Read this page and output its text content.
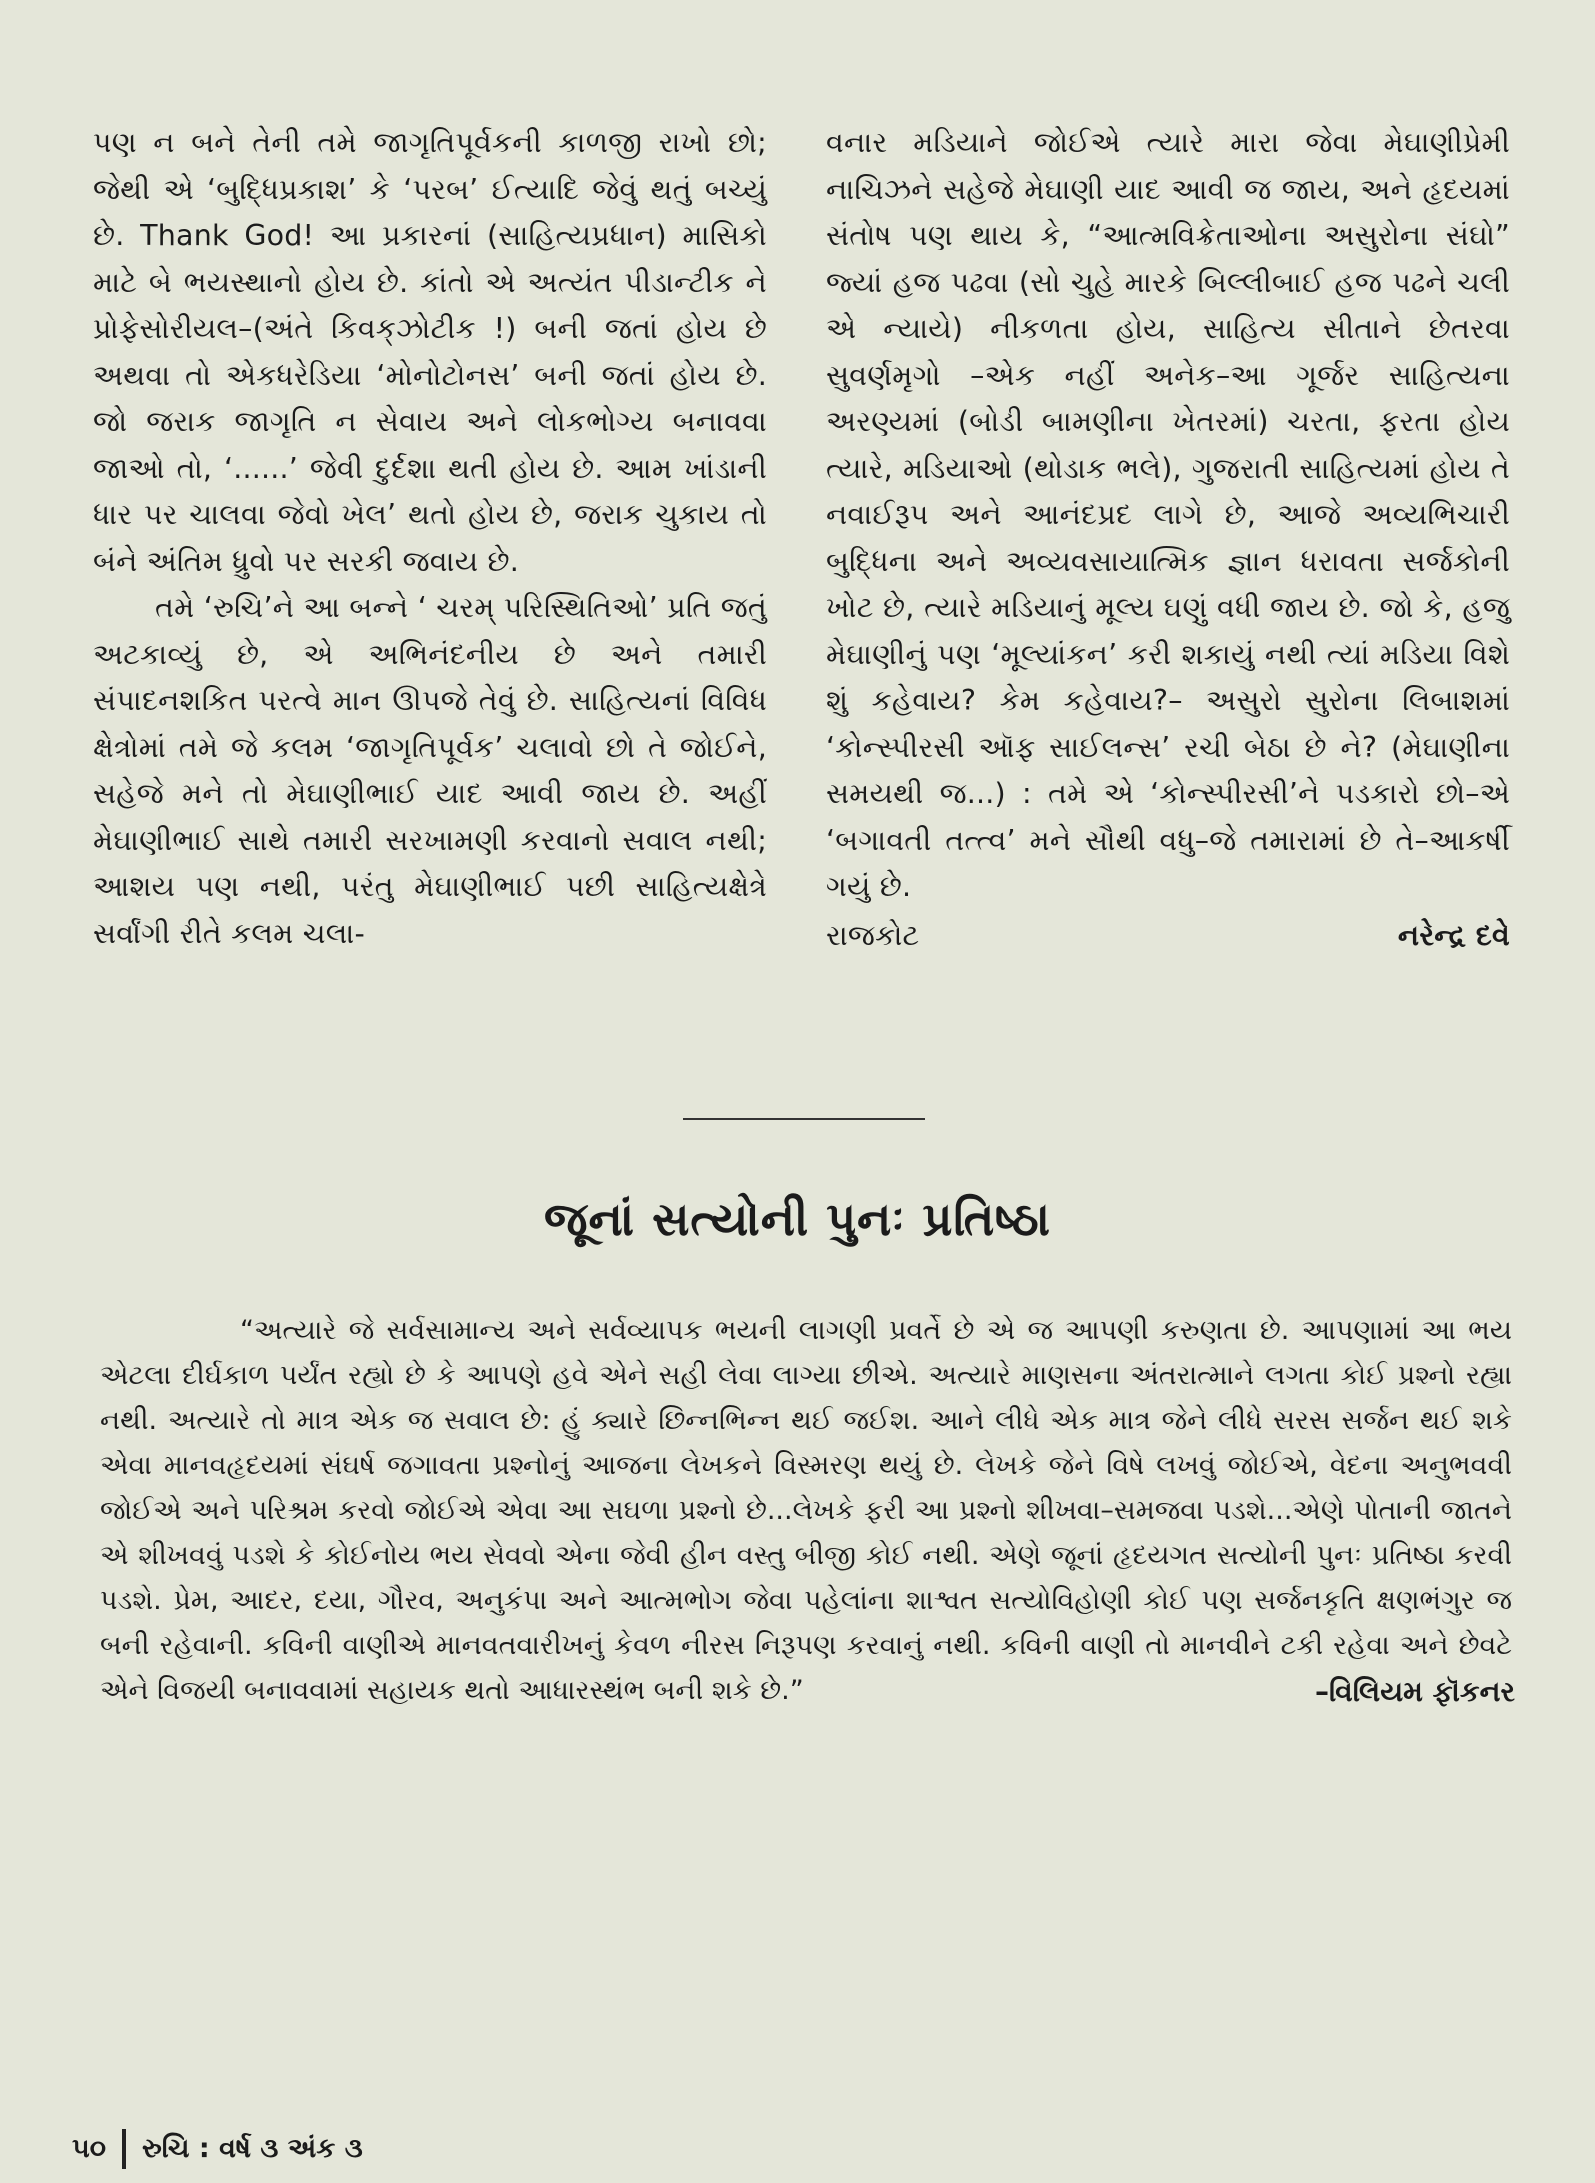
પણ ન બને તેની તમે જાગૃતિપૂર્વકની કાળજી રાખો છો; જેથી એ ‘બુદ્ધિપ્રકાશ’ કે ‘પરબ’ ઈત્યાદિ જેવું થતું બચ્યું છે. Thank God! આ પ્રકારનાં (સાહિત્યપ્રધાન) માસિકો માટે બે ભયસ્થાનો હોય છે. કાંતો એ અત્યંત પીડાન્ટીક ને પ્રોફેસોરીયલ–(અંતે કિવક્‌ઝોટીક !) બની જતાં હોય છે અથવા તો એકધરેડિયા ‘મોનોટોનસ’ બની જતાં હોય છે. જો જરાક જાગૃતિ ન સેવાય અને લોકભોગ્ય બનાવવા જાઓ તો, ‘......’ જેવી દુર્દશા થતી હોય છે. આમ ખાંડાની ધાર પર ચાલવા જેવો ખેલ’ થતો હોય છે, જરાક ચુકાય તો બંને અંતિમ ધ્રુવો પર સરકી જવાય છે.

તમે ‘રુચિ’ને આ બન્ને ‘ ચરમ્ પરિસ્થિતિઓ’ પ્રતિ જતું અટકાવ્યું છે, એ અભિનંદનીય છે અને તમારી સંપાદનશકિત પરત્વે માન ઊપજે તેવું છે. સાહિત્યનાં વિવિધ ક્ષેત્રોમાં તમે જે કલમ ‘જાગૃતિપૂર્વક’ ચલાવો છો તે જોઈને, સહેજે મને તો મેઘાણીભાઈ યાદ આવી જાય છે. અહીં મેઘાણીભાઈ સાથે તમારી સરખામણી કરવાનો સવાલ નથી; આશય પણ નથી, પરંતુ મેઘાણીભાઈ પછી સાહિત્યક્ષેત્રે સર્વાંગી રીતે કલમ ચલા-

વનાર મડિયાને જોઈએ ત્યારે મારા જેવા મેઘાણીપ્રેમી નાચિઝને સહેજે મેઘાણી યાદ આવી જ જાય, અને હૃદયમાં સંતોષ પણ થાય કે, “આત્મવિક્રેતાઓના અસુરોના સંઘો” જ્યાં હજ પઢવા (સો ચુહે મારકે બિલ્લીબાઈ હજ પઢને ચલી એ ન્યાયે) નીકળતા હોય, સાહિત્ય સીતાને છેતરવા સુવર્ણમૃગો –એક નહીં અનેક–આ ગૂર્જર સાહિત્યના અરણ્યમાં (બોડી બામણીના ખેતરમાં) ચરતા, ફરતા હોય ત્યારે, મડિયાઓ (થોડાક ભલે), ગુજરાતી સાહિત્યમાં હોય તે નવાઈરૂપ અને આનંદપ્રદ લાગે છે, આજે અવ્યભિચારી બુદ્ધિના અને અવ્યવસાયાત્મિક જ્ઞાન ધરાવતા સર્જકોની ખોટ છે, ત્યારે મડિયાનું મૂલ્ય ઘણું વધી જાય છે. જો કે, હજુ મેઘાણીનું પણ ‘મૂલ્યાંકન’ કરી શકાયું નથી ત્યાં મડિયા વિશે શું કહેવાય? કેમ કહેવાય?– અસુરો સુરોના લિબાશમાં ‘કોન્સ્પીરસી ઑફ સાઈલન્સ’ રચી બેઠા છે ને? (મેઘાણીના સમયથી જ...) : તમે એ ‘કોન્સ્પીરસી’ને પડકારો છો–એ ‘બગાવતી તત્ત્વ’ મને સૌથી વધુ–જે તમારામાં છે તે–આકર્ષી ગયું છે.

રાજકોટ	નરેન્દ્ર દવે
જૂનાં સત્યોની પુનઃ પ્રતિષ્ઠા

“અત્યારે જે સર્વસામાન્ય અને સર્વવ્યાપક ભયની લાગણી પ્રવર્તે છે એ જ આપણી કરુણતા છે. આપણામાં આ ભય એટલા દીર્ઘકાળ પર્યંત રહ્યો છે કે આપણે હવે એને સહી લેવા લાગ્યા છીએ. અત્યારે માણસના અંતરાત્માને લગતા કોઈ પ્રશ્નો રહ્યા નથી. અત્યારે તો માત્ર એક જ સવાલ છે: હું ક્યારે છિન્નભિન્ન થઈ જઈશ. આને લીધે એક માત્ર જેને લીધે સરસ સર્જન થઈ શકે એવા માનવહૃદયમાં સંઘર્ષ જગાવતા પ્રશ્નોનું આજના લેખકને વિસ્મરણ થયું છે. લેખકે જેને વિષે લખવું જોઈએ, વેદના અનુભવવી જોઈએ અને પરિશ્રમ કરવો જોઈએ એવા આ સઘળા પ્રશ્નો છે...લેખકે ફરી આ પ્રશ્નો શીખવા–સમજવા પડશે...એણે પોતાની જાતને એ શીખવવું પડશે કે કોઈનોય ભય સેવવો એના જેવી હીન વસ્તુ બીજી કોઈ નથી. એણે જૂનાં હૃદયગત સત્યોની પુનઃ પ્રતિષ્ઠા કરવી પડશે. પ્રેમ, આદર, દયા, ગૌરવ, અનુકંપા અને આત્મભોગ જેવા પહેલાંના શાશ્વત સત્યોવિહોણી કોઈ પણ સર્જનકૃતિ ક્ષણભંગુર જ બની રહેવાની. કવિની વાણીએ માનવતવારીખનું કેવળ નીરસ નિરૂપણ કરવાનું નથી. કવિની વાણી તો માનવીને ટકી રહેવા અને છેવટે એને વિજયી બનાવવામાં સહાયક થતો આધારસ્થંભ બની શકે છે.”	–વિલિયમ ફૉકનર
૫૦ રુચિ : વર્ષ ૩ અંક ૩
